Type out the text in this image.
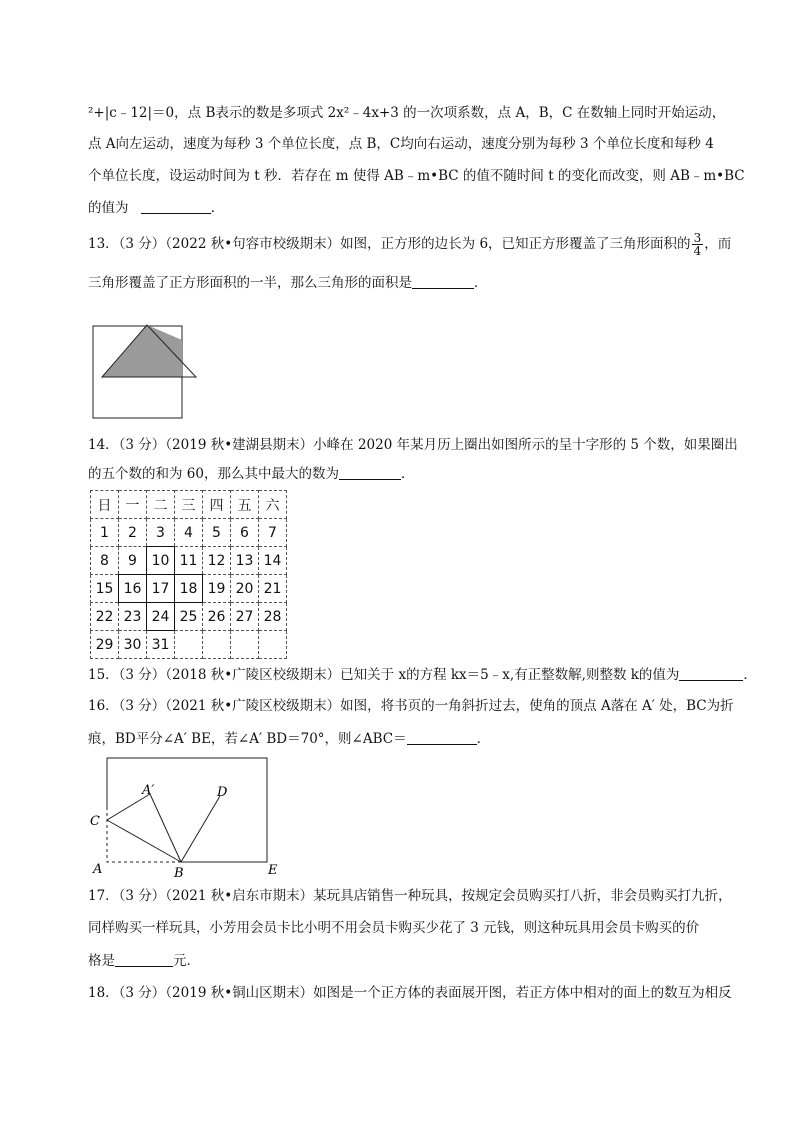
²+|c﹣12|＝0，点 B表示的数是多项式 2x²﹣4x+3 的一次项系数，点 A，B，C 在数轴上同时开始运动，
点 A向左运动，速度为每秒 3 个单位长度，点 B，C均向右运动，速度分别为每秒 3 个单位长度和每秒 4
个单位长度，设运动时间为 t 秒．若存在 m 使得 AB﹣m•BC 的值不随时间 t 的变化而改变，则 AB﹣m•BC
的值为	．
13．（3 分）（2022 秋•句容市校级期末）如图，正方形的边长为 6，已知正方形覆盖了三角形面积的 $\frac{3}{4}$ ，而
三角形覆盖了正方形面积的一半，那么三角形的面积是	．
14．（3 分）（2019 秋•建湖县期末）小峰在 2020 年某月历上圈出如图所示的呈十字形的 5 个数，如果圈出
的五个数的和为 60，那么其中最大的数为	．
日	一	二	三	四	五	六
1	2	3	4	5	6	7
8	9	10	11	12	13	14
15	16	17	18	19	20	21
22	23	24	25	26	27	28
29	30	31				
15．（3 分）（2018 秋•广陵区校级期末）已知关于 x的方程 kx＝5﹣x,有正整数解,则整数 k的值为	．
16．（3 分）（2021 秋•广陵区校级期末）如图，将书页的一角斜折过去，使角的顶点 A落在 A′ 处，BC为折
痕，BD平分∠A′ BE，若∠A′ BD＝70°，则∠ABC＝	．
A′	D
C
A	B	E
17．（3 分）（2021 秋•启东市期末）某玩具店销售一种玩具，按规定会员购买打八折，非会员购买打九折，
同样购买一样玩具，小芳用会员卡比小明不用会员卡购买少花了 3 元钱，则这种玩具用会员卡购买的价
格是	元．
18．（3 分）（2019 秋•铜山区期末）如图是一个正方体的表面展开图，若正方体中相对的面上的数互为相反
